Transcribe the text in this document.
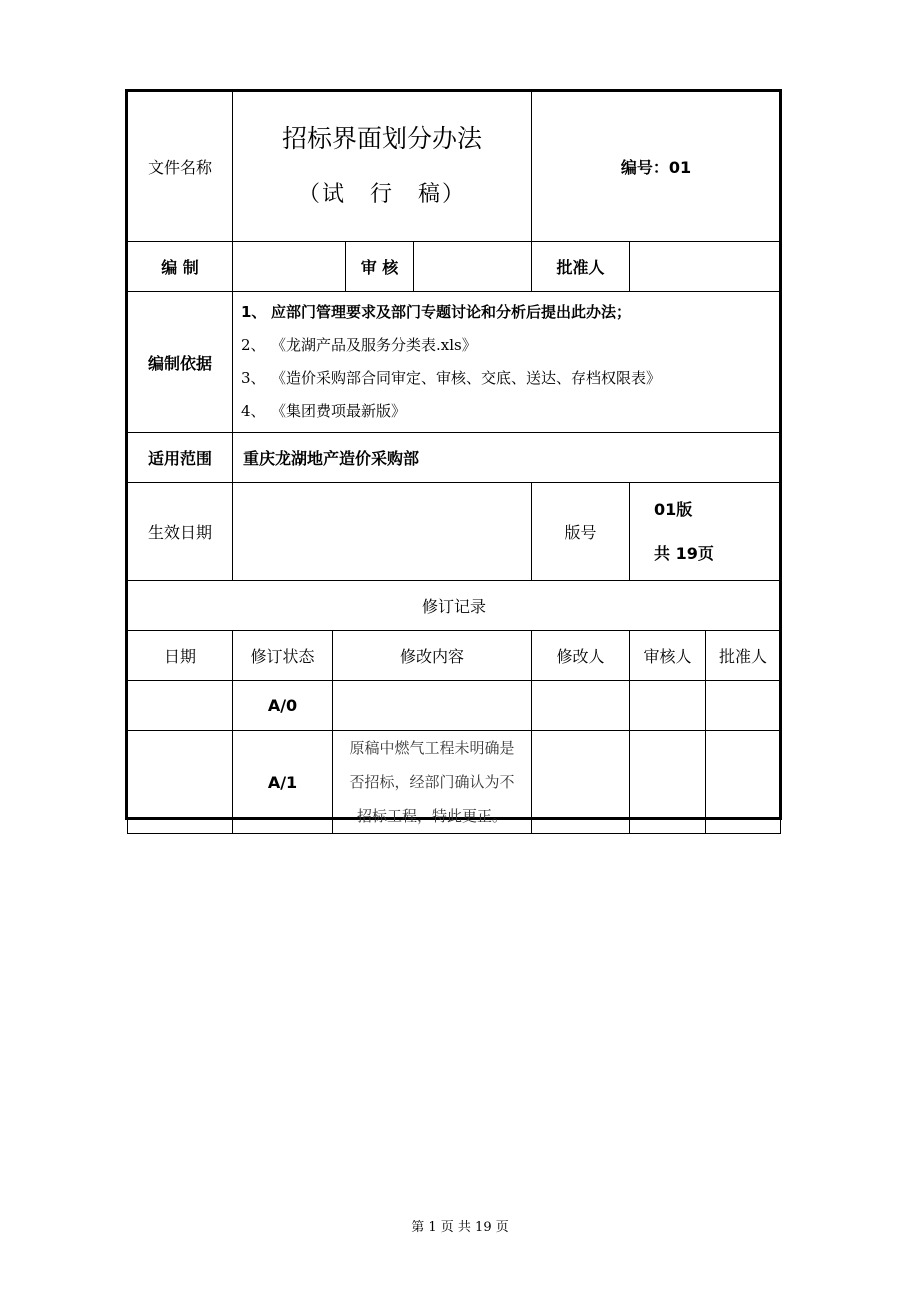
文件名称	招标界面划分办法
（试　行　稿）				编号：01		
编 制			审 核		批准人		
编制依据	1、 应部门管理要求及部门专题讨论和分析后提出此办法；
2、 《龙湖产品及服务分类表.xls》
3、 《造价采购部合同审定、审核、交底、送达、存档权限表》
4、 《集团费项最新版》						

适用范围	重庆龙湖地产造价采购部						
生效日期					版号	01版
共 19页	

修订记录							
日期	修订状态	修改内容			修改人	审核人	批准人
	A/0						
	A/1	原稿中燃气工程未明确是
否招标，经部门确认为不
招标工程，特此更正。					

第 1 页 共 19 页
